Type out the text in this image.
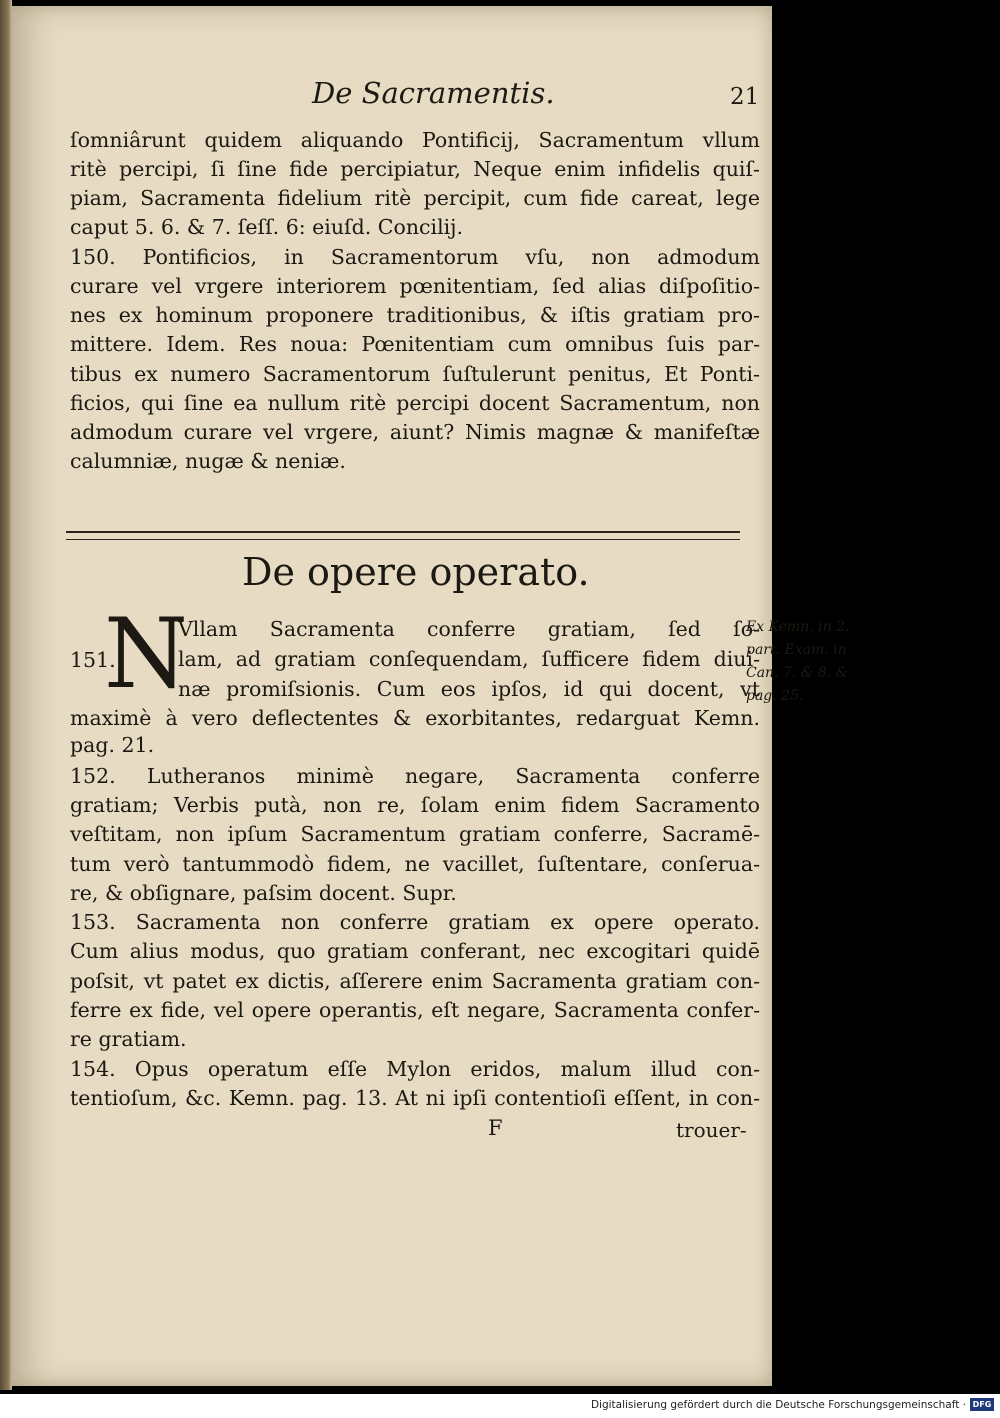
De Sacramentis.	21
ſomniârunt quidem aliquando Pontificij, Sacramentum vllum
ritè percipi, ſi ſine fide percipiatur, Neque enim infidelis quiſ-
piam, Sacramenta fidelium ritè percipit, cum fide careat, lege
caput 5. 6. & 7. ſeſſ. 6: eiuſd. Concilij.
150. Pontificios, in Sacramentorum vſu, non admodum
curare vel vrgere interiorem pœnitentiam, ſed alias diſpoſitio-
nes ex hominum proponere traditionibus, & iſtis gratiam pro-
mittere. Idem. Res noua: Pœnitentiam cum omnibus ſuis par-
tibus ex numero Sacramentorum ſuſtulerunt penitus, Et Ponti-
ficios, qui ſine ea nullum ritè percipi docent Sacramentum, non
admodum curare vel vrgere, aiunt? Nimis magnæ & manifeſtæ
calumniæ, nugæ & neniæ.
De opere operato.
N
151.
Vllam Sacramenta conferre gratiam, ſed ſo-
lam, ad gratiam conſequendam, ſufficere fidem diui-
næ promiſsionis. Cum eos ipſos, id qui docent, vt
maximè à vero deflectentes & exorbitantes, redarguat Kemn.
pag. 21.
152. Lutheranos minimè negare, Sacramenta conferre
gratiam; Verbis putà, non re, ſolam enim fidem Sacramento
veſtitam, non ipſum Sacramentum gratiam conferre, Sacramē-
tum verò tantummodò fidem, ne vacillet, ſuſtentare, conſerua-
re, & obſignare, paſsim docent. Supr.
153. Sacramenta non conferre gratiam ex opere operato.
Cum alius modus, quo gratiam conferant, nec excogitari quidē
poſsit, vt patet ex dictis, aſſerere enim Sacramenta gratiam con-
ferre ex fide, vel opere operantis, eſt negare, Sacramenta confer-
re gratiam.
154. Opus operatum eſſe Mylon eridos, malum illud con-
tentioſum, &c. Kemn. pag. 13. At ni ipſi contentioſi eſſent, in con-
Ex Kemn. in 2.
part. Exam. in
Can. 7. & 8. &
pag. 25.
F	trouer-
Digitalisierung gefördert durch die Deutsche Forschungsgemeinschaft · DFG
